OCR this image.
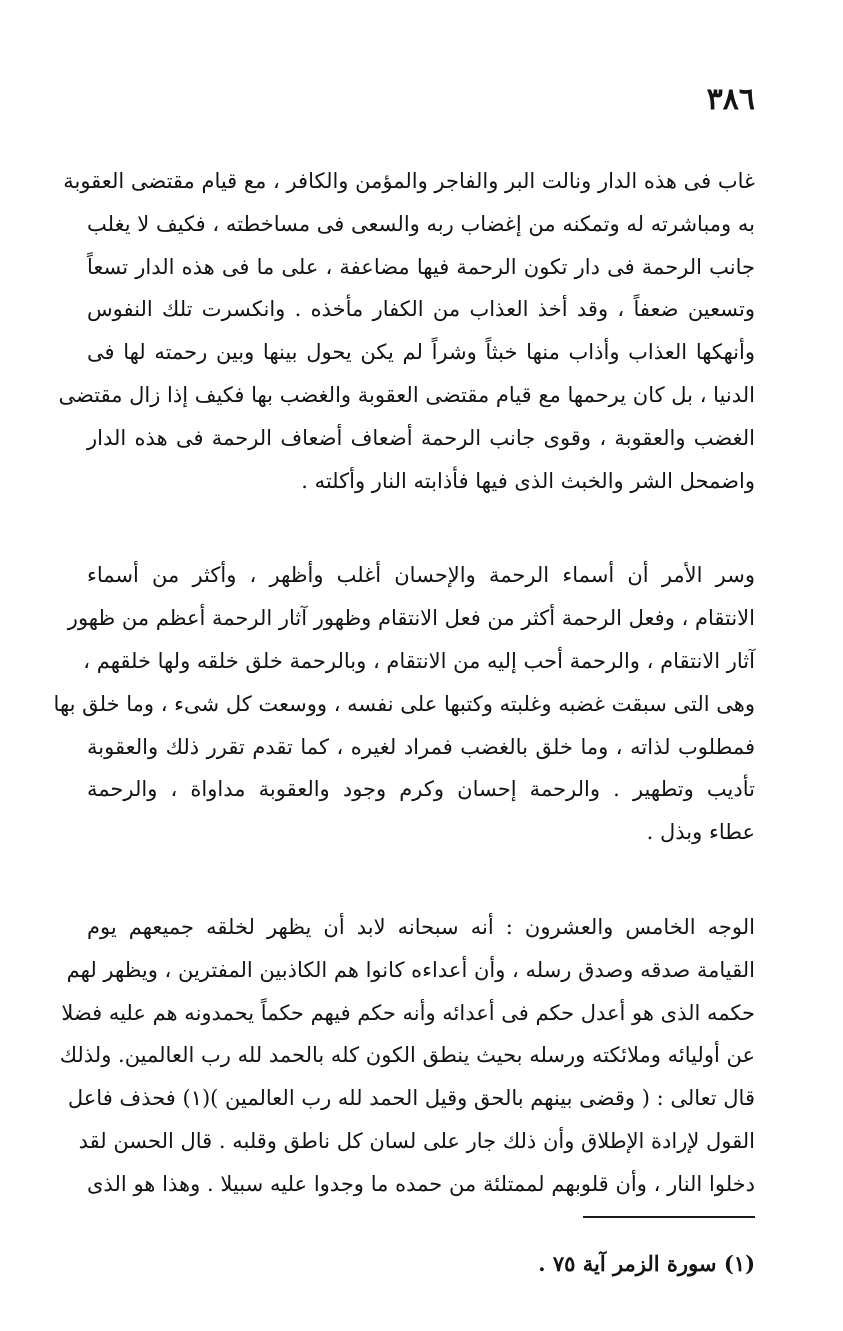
٣٨٦
غاب فى هذه الدار ونالت البر والفاجر والمؤمن والكافر ، مع قيام مقتضى العقوبة
به ومباشرته له وتمكنه من إغضاب ربه والسعى فى مساخطته ، فكيف لا يغلب
جانب الرحمة فى دار تكون الرحمة فيها مضاعفة ، على ما فى هذه الدار تسعاً
وتسعين ضعفاً ، وقد أخذ العذاب من الكفار مأخذه . وانكسرت تلك النفوس
وأنهكها العذاب وأذاب منها خبثاً وشراً لم يكن يحول بينها وبين رحمته لها فى
الدنيا ، بل كان يرحمها مع قيام مقتضى العقوبة والغضب بها فكيف إذا زال مقتضى
الغضب والعقوبة ، وقوى جانب الرحمة أضعاف أضعاف الرحمة فى هذه الدار
واضمحل الشر والخبث الذى فيها فأذابته النار وأكلته .
وسر الأمر أن أسماء الرحمة والإحسان أغلب وأظهر ، وأكثر من أسماء
الانتقام ، وفعل الرحمة أكثر من فعل الانتقام وظهور آثار الرحمة أعظم من ظهور
آثار الانتقام ، والرحمة أحب إليه من الانتقام ، وبالرحمة خلق خلقه ولها خلقهم ،
وهى التى سبقت غضبه وغلبته وكتبها على نفسه ، ووسعت كل شىء ، وما خلق بها
فمطلوب لذاته ، وما خلق بالغضب فمراد لغيره ، كما تقدم تقرر ذلك والعقوبة
تأديب وتطهير . والرحمة إحسان وكرم وجود والعقوبة مداواة ، والرحمة
عطاء وبذل .
الوجه الخامس والعشرون : أنه سبحانه لابد أن يظهر لخلقه جميعهم يوم
القيامة صدقه وصدق رسله ، وأن أعداءه كانوا هم الكاذبين المفترين ، ويظهر لهم
حكمه الذى هو أعدل حكم فى أعدائه وأنه حكم فيهم حكماً يحمدونه هم عليه فضلا
عن أوليائه وملائكته ورسله بحيث ينطق الكون كله بالحمد لله رب العالمين. ولذلك
قال تعالى : ( وقضى بينهم بالحق وقيل الحمد لله رب العالمين )(١) فحذف فاعل
القول لإرادة الإطلاق وأن ذلك جار على لسان كل ناطق وقلبه . قال الحسن لقد
دخلوا النار ، وأن قلوبهم لممتلئة من حمده ما وجدوا عليه سبيلا . وهذا هو الذى
(١) سورة الزمر آية ٧٥ .
